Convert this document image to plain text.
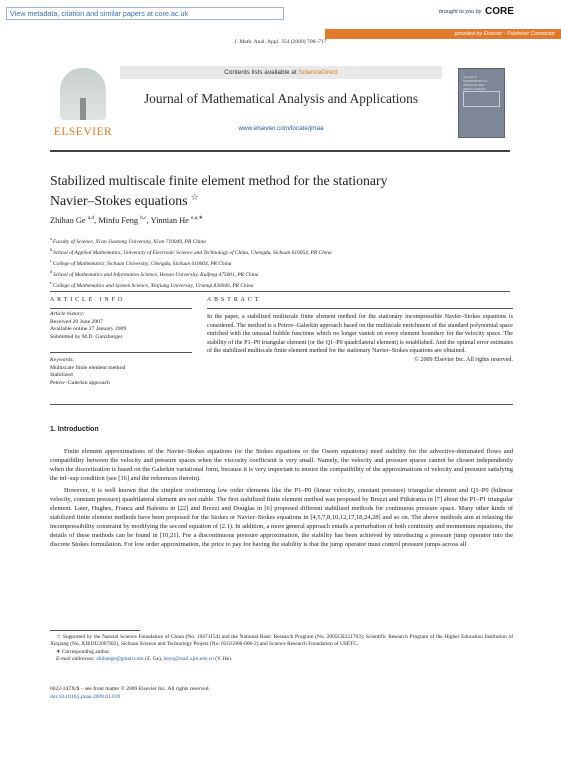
View metadata, citation and similar papers at core.ac.uk	brought to you by CORE
provided by Elsevier - Publisher Connector
J. Math. Anal. Appl. 354 (2009) 708–717
ELSEVIER
Contents lists available at ScienceDirect
Journal of Mathematical Analysis and Applications
www.elsevier.com/locate/jmaa
Journal of MATHEMATICAL ANALYSIS AND APPLICATIONS
Stabilized multiscale finite element method for the stationary
Navier–Stokes equations ☆
Zhihao Ge $^{a,d}$, Minfu Feng $^{b,c}$, Yinnian He $^{e,a,∗}$
$^a$Faculty of Science, Xi'an Jiaotong University, Xi'an 710049, PR China
$^b$School of Applied Mathematics, University of Electronic Science and Technology of China, Chengdu, Sichuan 610054, PR China
$^c$College of Mathematics, Sichuan University, Chengdu, Sichuan 610064, PR China
$^d$School of Mathematics and Information Science, Henan University, Kaifeng 475001, PR China
$^e$College of Mathematics and System Science, Xinjiang University, Urumqi 830046, PR China
ARTICLE INFO	ABSTRACT
Article history:
Received 20 June 2007
Available online 27 January 2009
Submitted by M.D. Gunzburger
Keywords:
Multiscale finite element method
Stabilized
Petrov–Galerkin approach
In the paper, a stabilized multiscale finite element method for the stationary incompressible Navier–Stokes equations is considered. The method is a Petrov–Galerkin approach based on the multiscale enrichment of the standard polynomial space enriched with the unusual bubble functions which no longer vanish on every element boundary for the velocity space. The stability of the P1–P0 triangular element (or the Q1–P0 quadrilateral element) is established. And the optimal error estimates of the stabilized multiscale finite element method for the stationary Navier–Stokes equations are obtained.
© 2009 Elsevier Inc. All rights reserved.
1. Introduction

Finite element approximations of the Navier–Stokes equations (or the Stokes equations or the Oseen equations) need stability for the advective-dominated flows and compatibility between the velocity and pressure spaces when the viscosity coefficient is very small. Namely, the velocity and pressure spaces cannot be chosen independently when the discretization is based on the Galerkin variational form, because it is very important to ensure the compatibility of the approximations of velocity and pressure satisfying the inf–sup condition (see [16] and the references therein).

However, it is well known that the simplest conforming low order elements like the P1–P0 (linear velocity, constant pressure) triangular element and Q1–P0 (bilinear velocity, constant pressure) quadrilateral element are not stable. The first stabilized finite element method was proposed by Brezzi and Pitkäranta in [7] about the P1–P1 triangular element. Later, Hughes, Franca and Balestra in [22] and Brezzi and Douglas in [6] proposed different stabilized methods for continuous pressure space. Many other kinds of stabilized finite element methods have been proposed for the Stokes or Navier–Stokes equations in [4,5,7,8,10,12,17,18,24,28] and so on. The above methods aim at relaxing the incompressibility constraint by modifying the second equation of (2.1). In addition, a more general approach entails a perturbation of both continuity and momentum equations, the details of these methods can be found in [10,21]. For a discontinuous pressure approximation, the stability has been achieved by introducing a pressure jump operator into the discrete Stokes formulation. For low order approximation, the price to pay for having the stability is that the jump operator must control pressure jumps across all

☆ Supported by the Natural Science Foundation of China (No. 10671154) and the National Basic Research Program (No. 2005CB321703); Scientific Research Program of the Higher Education Institution of Xinjiang (No. XJEDU2007I02), Sichuan Science and Technology Project (No. 05GG006-006-2) and Science Research Foundation of USETC.
∗ Corresponding author.
E-mail addresses: zhihaoge@gmail.com (Z. Ge), heyn@mail.xjtu.edu.cn (Y. He).
0022-247X/$ – see front matter © 2009 Elsevier Inc. All rights reserved.
doi:10.1016/j.jmaa.2009.01.039
